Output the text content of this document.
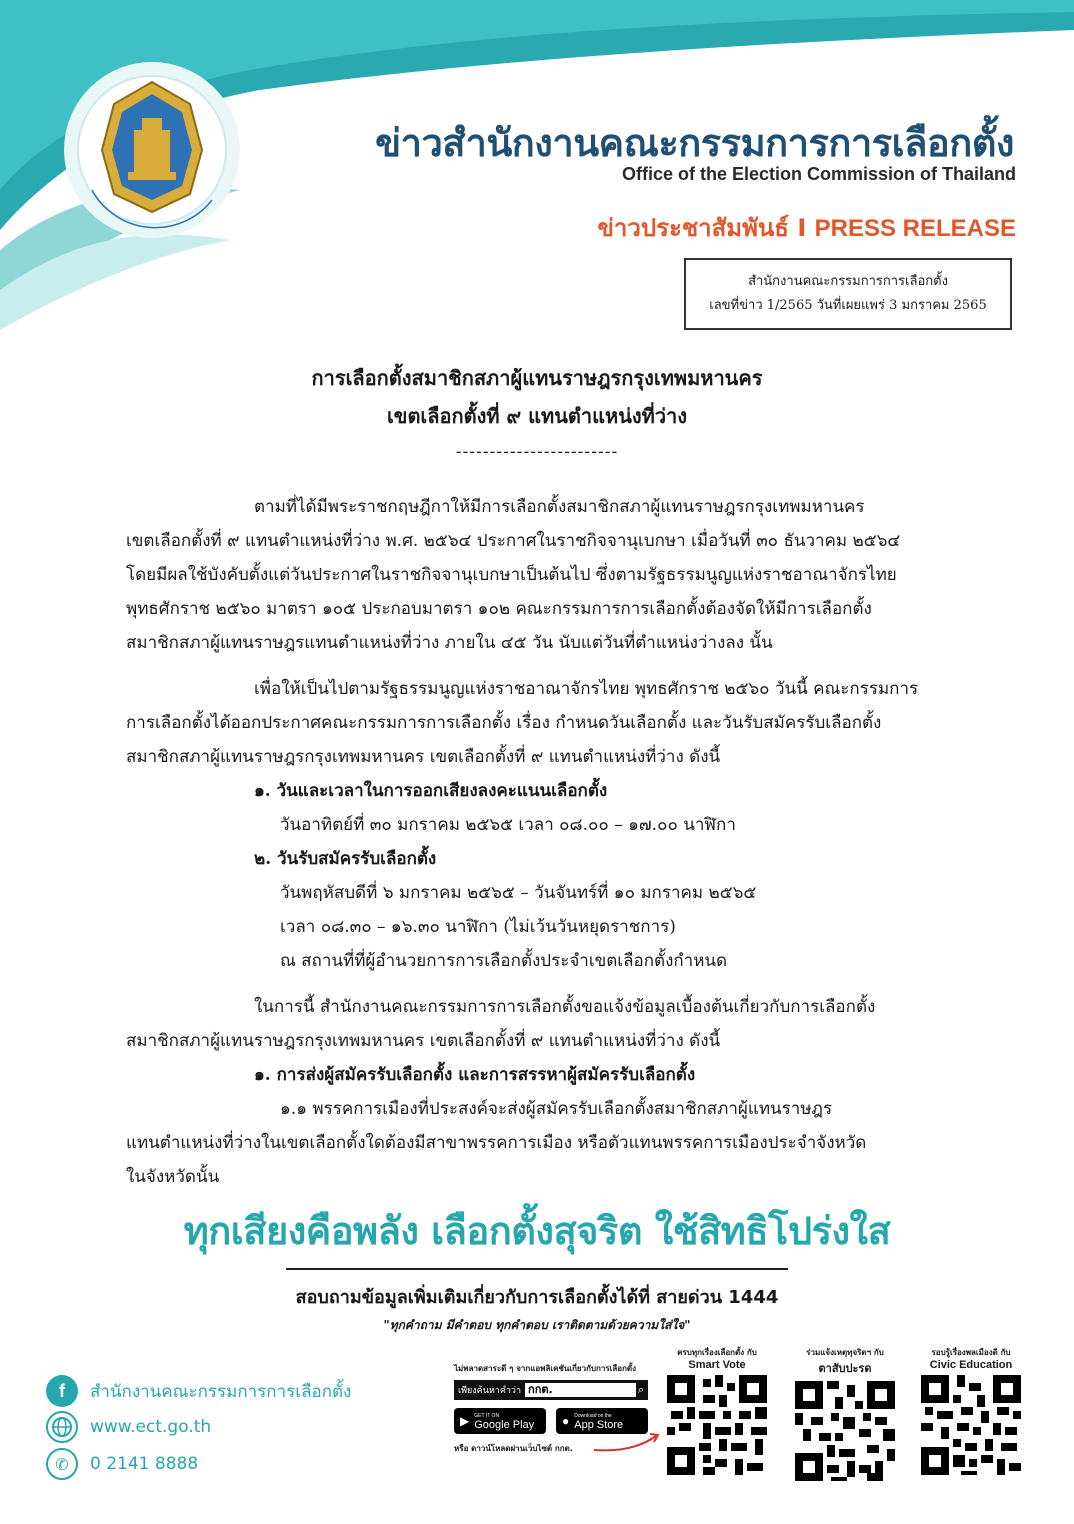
ข่าวสำนักงานคณะกรรมการการเลือกตั้ง
Office of the Election Commission of Thailand
ข่าวประชาสัมพันธ์ I PRESS RELEASE
สำนักงานคณะกรรมการการเลือกตั้ง
เลขที่ข่าว 1/2565 วันที่เผยแพร่ 3 มกราคม 2565
การเลือกตั้งสมาชิกสภาผู้แทนราษฎรกรุงเทพมหานคร
เขตเลือกตั้งที่ ๙ แทนตำแหน่งที่ว่าง
------------------------
ตามที่ได้มีพระราชกฤษฎีกาให้มีการเลือกตั้งสมาชิกสภาผู้แทนราษฎรกรุงเทพมหานคร
เขตเลือกตั้งที่ ๙ แทนตำแหน่งที่ว่าง พ.ศ. ๒๕๖๔ ประกาศในราชกิจจานุเบกษา เมื่อวันที่ ๓๐ ธันวาคม ๒๕๖๔
โดยมีผลใช้บังคับตั้งแต่วันประกาศในราชกิจจานุเบกษาเป็นต้นไป ซึ่งตามรัฐธรรมนูญแห่งราชอาณาจักรไทย
พุทธศักราช ๒๕๖๐ มาตรา ๑๐๕ ประกอบมาตรา ๑๐๒ คณะกรรมการการเลือกตั้งต้องจัดให้มีการเลือกตั้ง
สมาชิกสภาผู้แทนราษฎรแทนตำแหน่งที่ว่าง ภายใน ๔๕ วัน นับแต่วันที่ตำแหน่งว่างลง นั้น
เพื่อให้เป็นไปตามรัฐธรรมนูญแห่งราชอาณาจักรไทย พุทธศักราช ๒๕๖๐ วันนี้ คณะกรรมการ
การเลือกตั้งได้ออกประกาศคณะกรรมการการเลือกตั้ง เรื่อง กำหนดวันเลือกตั้ง และวันรับสมัครรับเลือกตั้ง
สมาชิกสภาผู้แทนราษฎรกรุงเทพมหานคร เขตเลือกตั้งที่ ๙ แทนตำแหน่งที่ว่าง ดังนี้
๑. วันและเวลาในการออกเสียงลงคะแนนเลือกตั้ง
วันอาทิตย์ที่ ๓๐ มกราคม ๒๕๖๕ เวลา ๐๘.๐๐ – ๑๗.๐๐ นาฬิกา
๒. วันรับสมัครรับเลือกตั้ง
วันพฤหัสบดีที่ ๖ มกราคม ๒๕๖๕ – วันจันทร์ที่ ๑๐ มกราคม ๒๕๖๕
เวลา ๐๘.๓๐ – ๑๖.๓๐ นาฬิกา (ไม่เว้นวันหยุดราชการ)
ณ สถานที่ที่ผู้อำนวยการการเลือกตั้งประจำเขตเลือกตั้งกำหนด
ในการนี้ สำนักงานคณะกรรมการการเลือกตั้งขอแจ้งข้อมูลเบื้องต้นเกี่ยวกับการเลือกตั้ง
สมาชิกสภาผู้แทนราษฎรกรุงเทพมหานคร เขตเลือกตั้งที่ ๙ แทนตำแหน่งที่ว่าง ดังนี้
๑. การส่งผู้สมัครรับเลือกตั้ง และการสรรหาผู้สมัครรับเลือกตั้ง
๑.๑ พรรคการเมืองที่ประสงค์จะส่งผู้สมัครรับเลือกตั้งสมาชิกสภาผู้แทนราษฎร
แทนตำแหน่งที่ว่างในเขตเลือกตั้งใดต้องมีสาขาพรรคการเมือง หรือตัวแทนพรรคการเมืองประจำจังหวัด
ในจังหวัดนั้น
ทุกเสียงคือพลัง เลือกตั้งสุจริต ใช้สิทธิโปร่งใส
สอบถามข้อมูลเพิ่มเติมเกี่ยวกับการเลือกตั้งได้ที่ สายด่วน 1444
"ทุกคำถาม มีคำตอบ ทุกคำตอบ เราติดตามด้วยความใส่ใจ"
f สำนักงานคณะกรรมการการเลือกตั้ง
www.ect.go.th
✆ 0 2141 8888
ไม่พลาดสาระดี ๆ จากแอพลิเคชันเกี่ยวกับการเลือกตั้ง
เพียงค้นหาคำว่า กกต.	⌕
▶ GET IT ON
Google Play ● Download on the
App Store
หรือ ดาวน์โหลดผ่านเว็บไซต์ กกต.
ครบทุกเรื่องเลือกตั้ง กับ
Smart Vote
ร่วมแจ้งเหตุทุจริตฯ กับ
ตาสับปะรด
รอบรู้เรื่องพลเมืองดี กับ
Civic Education
